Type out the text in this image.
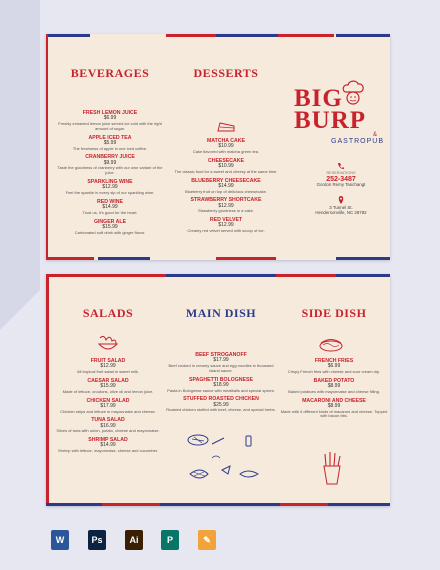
BEVERAGES
FRESH LEMON JUICE
$6.99
Freshly extracted lemon juice served ice cold with the right amount of sugar.
APPLE ICED TEA
$5.99
The freshness of apple in one iced coffee.
CRANBERRY JUICE
$9.99
Taste the goodness of cranberry with our own variant of the juice.
SPARKLING WINE
$12.99
Feel the sparkle in every sip of our sparkling wine.
RED WINE
$14.99
Trust us, it's good for the heart.
GINGER ALE
$15.99
Carbonated soft drink with ginger flavor.
DESSERTS
MATCHA CAKE
$10.99
Cake flavored with matcha green tea.
CHEESECAKE
$10.99
The classic food for a sweet and cheesy at the same time.
BLUEBERRY CHEESECAKE
$14.99
Blueberry fruit on top of delicious cheesecake.
STRAWBERRY SHORTCAKE
$12.99
Strawberry goodness in a cake.
RED VELVET
$12.99
Creamy red velvet served with scoop of ice.
BIG
BURP
&
GASTROPUB
RESERVATIONS
252-3487
Gordon Remy Tanchangt
3 Tunnel St.
Hendersonville, NC 28782
SALADS
FRUIT SALAD
$12.99
All tropical fruit salad in sweet milk.
CAESAR SALAD
$15.99
Made of lettuce, croutons, olive oil and lemon juice.
CHICKEN SALAD
$17.99
Chicken strips and lettuce in mayonnaise and cheese.
TUNA SALAD
$16.99
Slices of tuna with onion, potato, cheese and mayonnaise.
SHRIMP SALAD
$14.99
Shrimp with lettuce, mayonnaise, cheese and cucumber.
MAIN DISH
BEEF STROGANOFF
$17.99
Beef cooked in creamy sauce and egg noodles in thousand island sauce.
SPAGHETTI BOLOGNESE
$18.99
Pasta in Bolognese sauce with meatballs and special spices.
STUFFED ROASTED CHICKEN
$25.99
Roasted chicken stuffed with beef, cheese, and special herbs.
SIDE DISH
FRENCH FRIES
$6.99
Crispy French fries with cheese and sour cream dip.
BAKED POTATO
$8.99
Baked potatoes with mayonnaise and cheese filling.
MACARONI AND CHEESE
$8.99
Made with 4 different kinds of macaroni and cheese. Topped with bacon bits.
W	Ps	Ai	P	✎
